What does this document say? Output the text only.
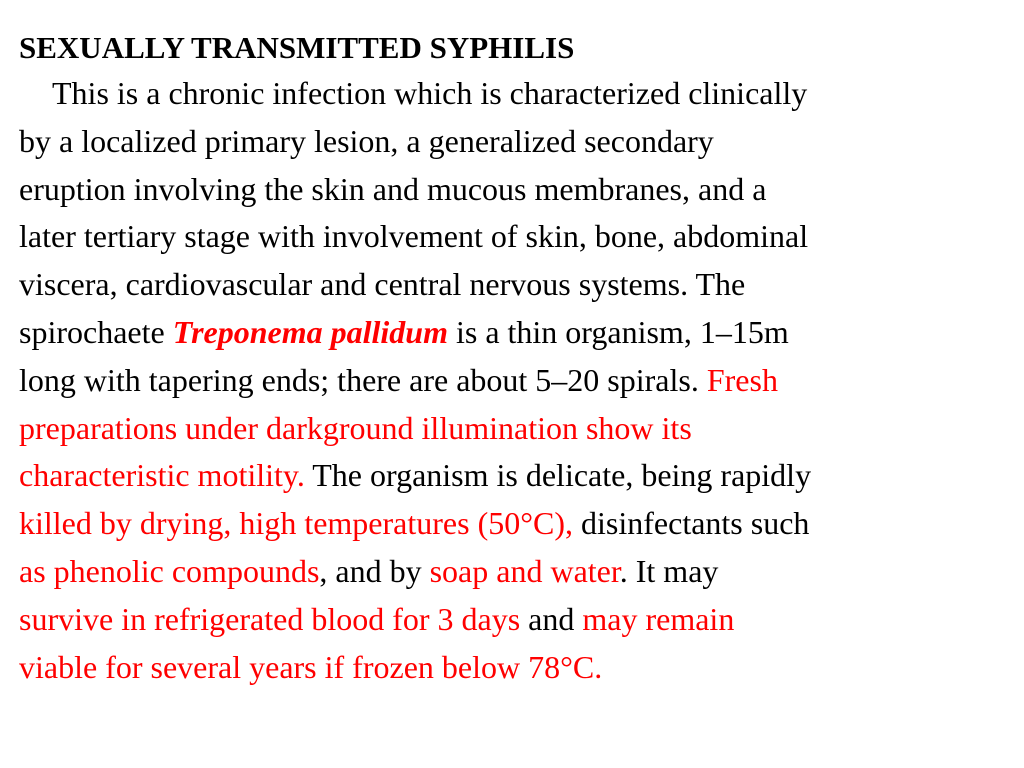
SEXUALLY TRANSMITTED SYPHILIS

This is a chronic infection which is characterized clinically
by a localized primary lesion, a generalized secondary
eruption involving the skin and mucous membranes, and a
later tertiary stage with involvement of skin, bone, abdominal
viscera, cardiovascular and central nervous systems. The
spirochaete Treponema pallidum is a thin organism, 1–15m
long with tapering ends; there are about 5–20 spirals. Fresh
preparations under darkground illumination show its
characteristic motility. The organism is delicate, being rapidly
killed by drying, high temperatures (50°C), disinfectants such
as phenolic compounds, and by soap and water. It may
survive in refrigerated blood for 3 days and may remain
viable for several years if frozen below 78°C.
